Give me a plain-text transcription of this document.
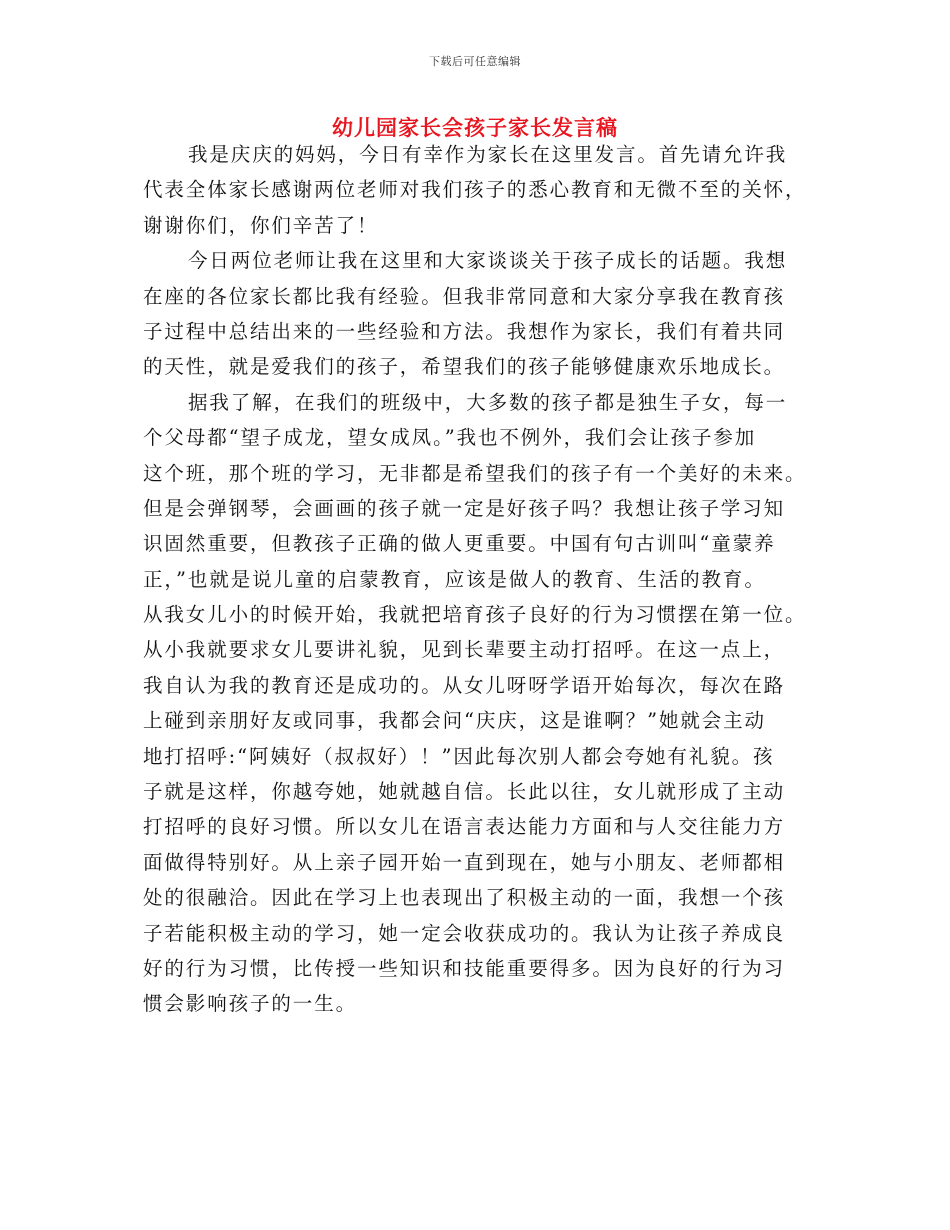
下载后可任意编辑
幼儿园家长会孩子家长发言稿
我是庆庆的妈妈，今日有幸作为家长在这里发言。首先请允许我
代表全体家长感谢两位老师对我们孩子的悉心教育和无微不至的关怀，
谢谢你们，你们辛苦了！
今日两位老师让我在这里和大家谈谈关于孩子成长的话题。我想
在座的各位家长都比我有经验。但我非常同意和大家分享我在教育孩
子过程中总结出来的一些经验和方法。我想作为家长，我们有着共同
的天性，就是爱我们的孩子，希望我们的孩子能够健康欢乐地成长。
据我了解，在我们的班级中，大多数的孩子都是独生子女，每一
个父母都“望子成龙，望女成凤。”我也不例外，我们会让孩子参加
这个班，那个班的学习，无非都是希望我们的孩子有一个美好的未来。
但是会弹钢琴，会画画的孩子就一定是好孩子吗？我想让孩子学习知
识固然重要，但教孩子正确的做人更重要。中国有句古训叫“童蒙养
正，”也就是说儿童的启蒙教育，应该是做人的教育、生活的教育。
从我女儿小的时候开始，我就把培育孩子良好的行为习惯摆在第一位。
从小我就要求女儿要讲礼貌，见到长辈要主动打招呼。在这一点上，
我自认为我的教育还是成功的。从女儿呀呀学语开始每次，每次在路
上碰到亲朋好友或同事，我都会问“庆庆，这是谁啊？”她就会主动
地打招呼:“阿姨好（叔叔好）！”因此每次别人都会夸她有礼貌。孩
子就是这样，你越夸她，她就越自信。长此以往，女儿就形成了主动
打招呼的良好习惯。所以女儿在语言表达能力方面和与人交往能力方
面做得特别好。从上亲子园开始一直到现在，她与小朋友、老师都相
处的很融洽。因此在学习上也表现出了积极主动的一面，我想一个孩
子若能积极主动的学习，她一定会收获成功的。我认为让孩子养成良
好的行为习惯，比传授一些知识和技能重要得多。因为良好的行为习
惯会影响孩子的一生。
